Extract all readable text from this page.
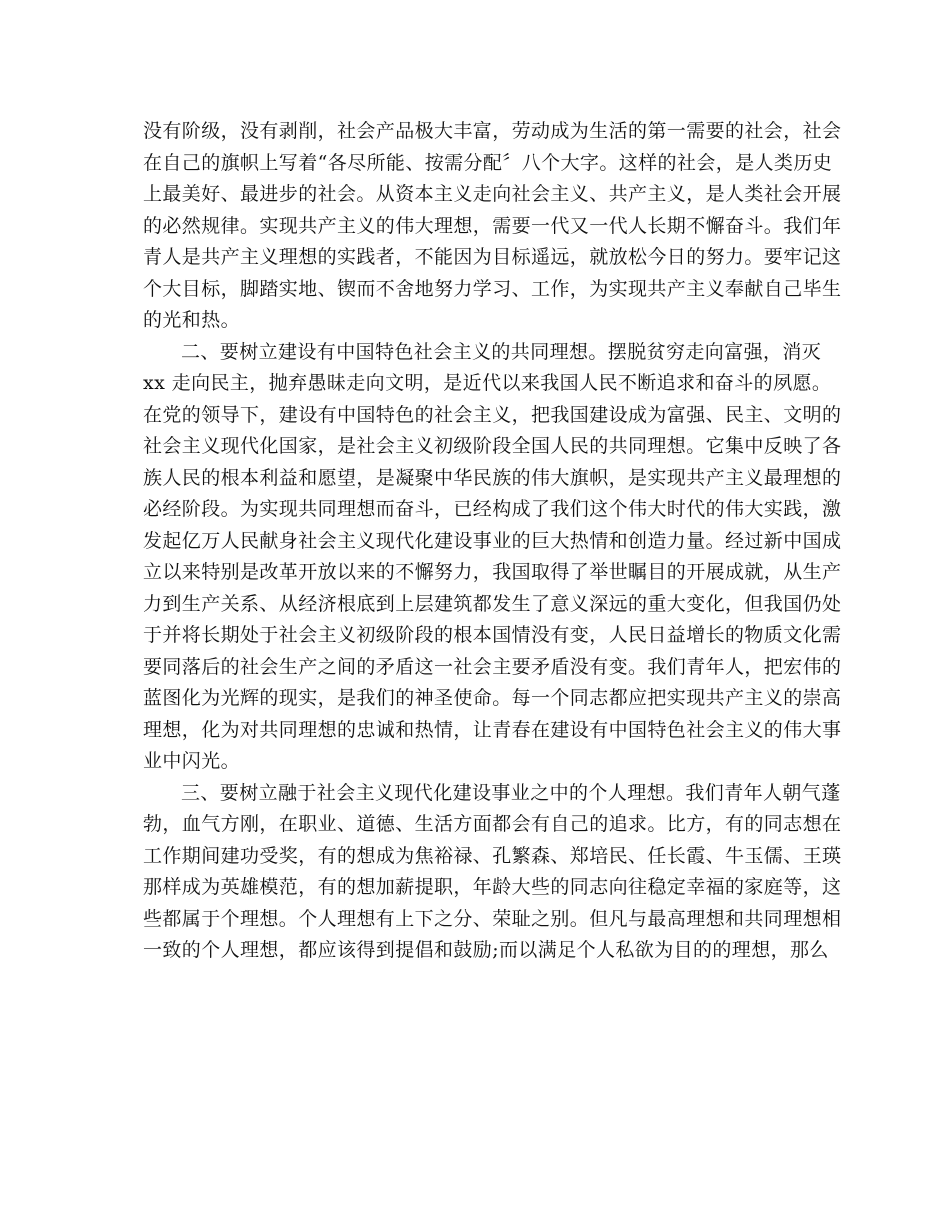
没有阶级，没有剥削，社会产品极大丰富，劳动成为生活的第一需要的社会，社会
在自己的旗帜上写着“各尽所能、按需分配〞八个大字。这样的社会，是人类历史
上最美好、最进步的社会。从资本主义走向社会主义、共产主义，是人类社会开展
的必然规律。实现共产主义的伟大理想，需要一代又一代人长期不懈奋斗。我们年
青人是共产主义理想的实践者，不能因为目标遥远，就放松今日的努力。要牢记这
个大目标，脚踏实地、锲而不舍地努力学习、工作，为实现共产主义奉献自己毕生
的光和热。
二、要树立建设有中国特色社会主义的共同理想。摆脱贫穷走向富强，消灭
xx 走向民主，抛弃愚昧走向文明，是近代以来我国人民不断追求和奋斗的夙愿。
在党的领导下，建设有中国特色的社会主义，把我国建设成为富强、民主、文明的
社会主义现代化国家，是社会主义初级阶段全国人民的共同理想。它集中反映了各
族人民的根本利益和愿望，是凝聚中华民族的伟大旗帜，是实现共产主义最理想的
必经阶段。为实现共同理想而奋斗，已经构成了我们这个伟大时代的伟大实践，激
发起亿万人民献身社会主义现代化建设事业的巨大热情和创造力量。经过新中国成
立以来特别是改革开放以来的不懈努力，我国取得了举世瞩目的开展成就，从生产
力到生产关系、从经济根底到上层建筑都发生了意义深远的重大变化，但我国仍处
于并将长期处于社会主义初级阶段的根本国情没有变，人民日益增长的物质文化需
要同落后的社会生产之间的矛盾这一社会主要矛盾没有变。我们青年人，把宏伟的
蓝图化为光辉的现实，是我们的神圣使命。每一个同志都应把实现共产主义的崇高
理想，化为对共同理想的忠诚和热情，让青春在建设有中国特色社会主义的伟大事
业中闪光。
三、要树立融于社会主义现代化建设事业之中的个人理想。我们青年人朝气蓬
勃，血气方刚，在职业、道德、生活方面都会有自己的追求。比方，有的同志想在
工作期间建功受奖，有的想成为焦裕禄、孔繁森、郑培民、任长霞、牛玉儒、王瑛
那样成为英雄模范，有的想加薪提职，年龄大些的同志向往稳定幸福的家庭等，这
些都属于个理想。个人理想有上下之分、荣耻之别。但凡与最高理想和共同理想相
一致的个人理想，都应该得到提倡和鼓励;而以满足个人私欲为目的的理想，那么
